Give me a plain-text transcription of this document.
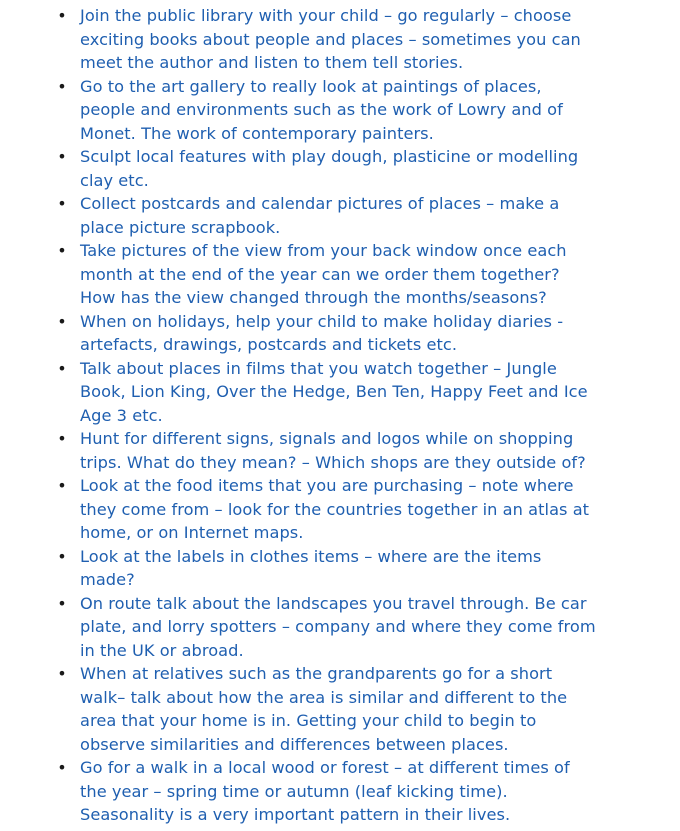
• Join the public library with your child – go regularly – choose
exciting books about people and places – sometimes you can
meet the author and listen to them tell stories.
• Go to the art gallery to really look at paintings of places,
people and environments such as the work of Lowry and of
Monet. The work of contemporary painters.
• Sculpt local features with play dough, plasticine or modelling
clay etc.
• Collect postcards and calendar pictures of places – make a
place picture scrapbook.
• Take pictures of the view from your back window once each
month at the end of the year can we order them together?
How has the view changed through the months/seasons?
• When on holidays, help your child to make holiday diaries -
artefacts, drawings, postcards and tickets etc.
• Talk about places in films that you watch together – Jungle
Book, Lion King, Over the Hedge, Ben Ten, Happy Feet and Ice
Age 3 etc.
• Hunt for different signs, signals and logos while on shopping
trips. What do they mean? – Which shops are they outside of?
• Look at the food items that you are purchasing – note where
they come from – look for the countries together in an atlas at
home, or on Internet maps.
• Look at the labels in clothes items – where are the items
made?
• On route talk about the landscapes you travel through. Be car
plate, and lorry spotters – company and where they come from
in the UK or abroad.
• When at relatives such as the grandparents go for a short
walk– talk about how the area is similar and different to the
area that your home is in. Getting your child to begin to
observe similarities and differences between places.
• Go for a walk in a local wood or forest – at different times of
the year – spring time or autumn (leaf kicking time).
Seasonality is a very important pattern in their lives.
